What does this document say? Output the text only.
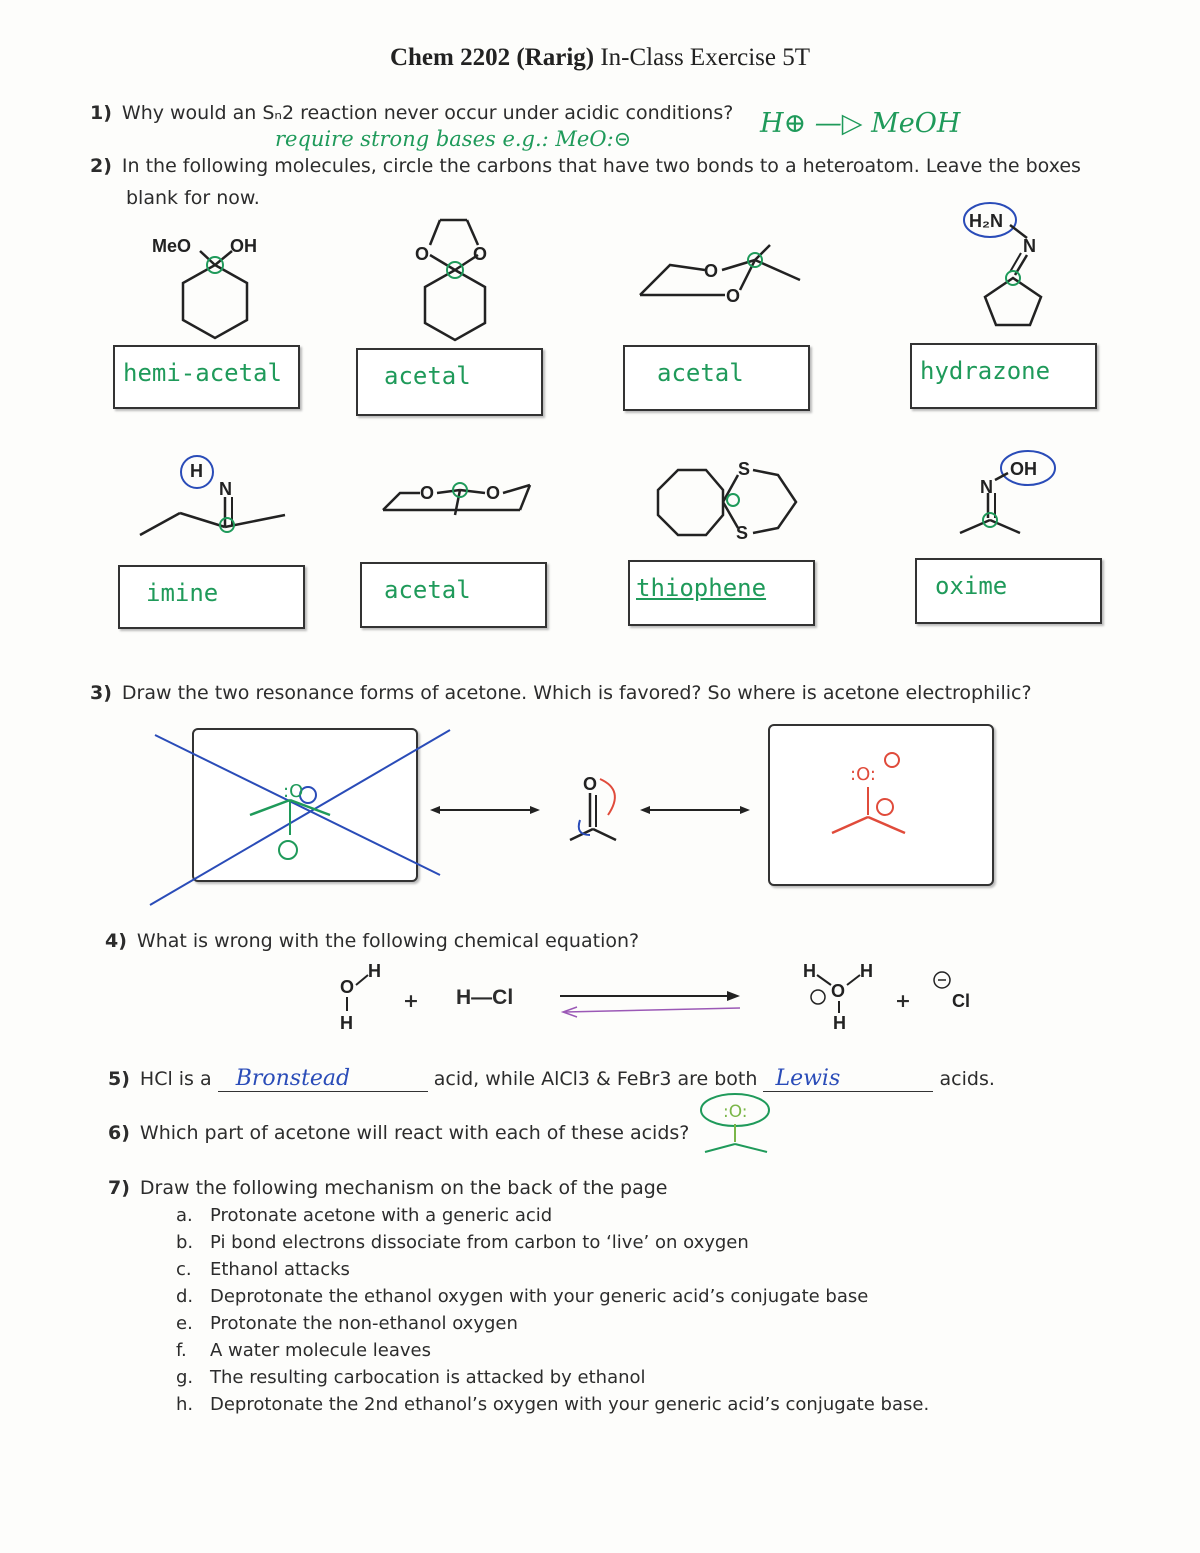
Chem 2202 (Rarig) In-Class Exercise 5T
1) Why would an Sₙ2 reaction never occur under acidic conditions?
require strong bases e.g.: MeO:⊝	H⊕ —▷ MeOH
2) In the following molecules, circle the carbons that have two bonds to a heteroatom. Leave the boxes
blank for now.
MeO OH	O O
O
O
H₂N
N
hemi-acetal	acetal	acetal	hydrazone
H
N	O	O
S
S
N
OH
imine	acetal	thiophene	oxime
3) Draw the two resonance forms of acetone. Which is favored? So where is acetone electrophilic?
:O	O	:O:
4) What is wrong with the following chemical equation?
O
H
H
+ H—Cl
H H
O
H
+ Cl
5) HCl is a Bronstead	acid, while AlCl3 & FeBr3 are both Lewis	acids.
6) Which part of acetone will react with each of these acids?
:O:
7) Draw the following mechanism on the back of the page
a. Protonate acetone with a generic acid
b. Pi bond electrons dissociate from carbon to ‘live’ on oxygen
c. Ethanol attacks
d. Deprotonate the ethanol oxygen with your generic acid’s conjugate base
e. Protonate the non-ethanol oxygen
f. A water molecule leaves
g. The resulting carbocation is attacked by ethanol
h. Deprotonate the 2nd ethanol’s oxygen with your generic acid’s conjugate base.
